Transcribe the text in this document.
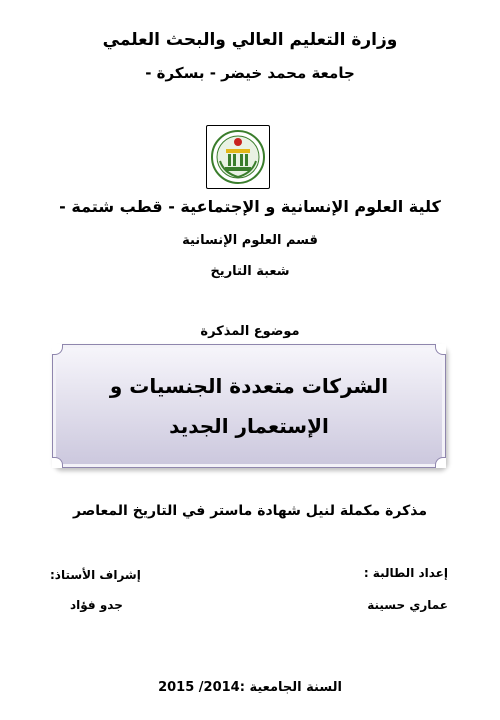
وزارة التعليم العالي والبحث العلمي
جامعة محمد خيضر - بسكرة -
كلية العلوم الإنسانية و الإجتماعية - قطب شتمة -
قسم العلوم الإنسانية
شعبة التاريخ
موضوع المذكرة
الشركات متعددة الجنسيات و الإستعمار الجديد
مذكرة مكملة لنيل شهادة ماستر في التاريخ المعاصر
إعداد الطالبة :
عماري حسينة
إشراف الأستاذ:
جدو فؤاد
السنة الجامعية :2014/ 2015
